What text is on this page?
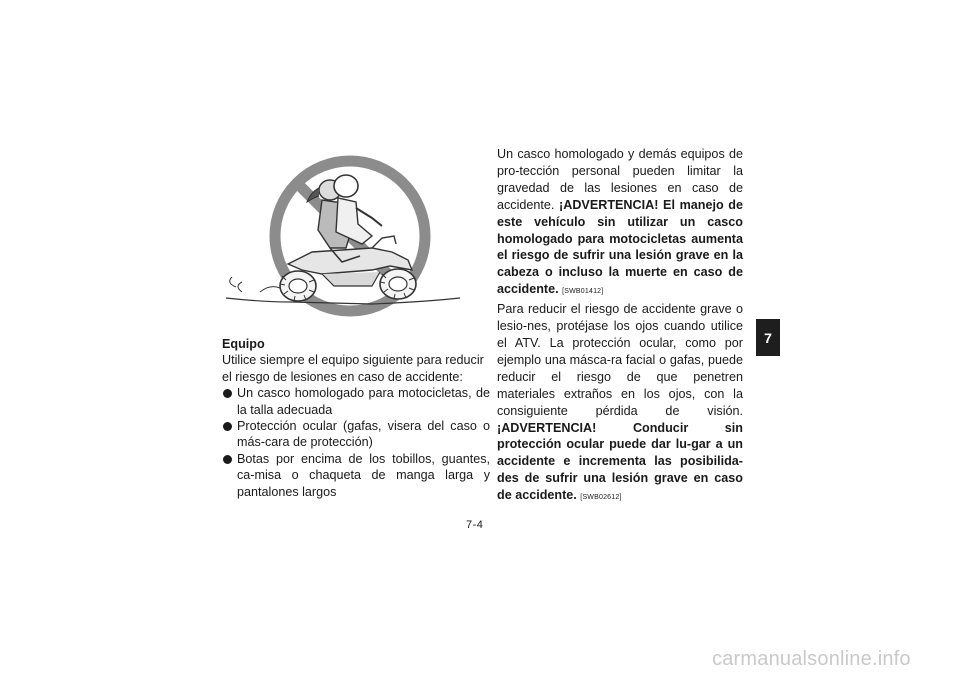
Equipo

Utilice siempre el equipo siguiente para reducir el riesgo de lesiones en caso de accidente:

Un casco homologado para motocicletas, de la talla adecuada
Protección ocular (gafas, visera del caso o más-cara de protección)
Botas por encima de los tobillos, guantes, ca-misa o chaqueta de manga larga y pantalones largos

Un casco homologado y demás equipos de pro-tección personal pueden limitar la gravedad de las lesiones en caso de accidente. ¡ADVERTENCIA! El manejo de este vehículo sin utilizar un casco homologado para motocicletas aumenta el riesgo de sufrir una lesión grave en la cabeza o incluso la muerte en caso de accidente. [SWB01412]

Para reducir el riesgo de accidente grave o lesio-nes, protéjase los ojos cuando utilice el ATV. La protección ocular, como por ejemplo una másca-ra facial o gafas, puede reducir el riesgo de que penetren materiales extraños en los ojos, con la consiguiente pérdida de visión. ¡ADVERTENCIA! Conducir sin protección ocular puede dar lu-gar a un accidente e incrementa las posibilida-des de sufrir una lesión grave en caso de accidente. [SWB02612]

7
7-4
carmanualsonline.info
